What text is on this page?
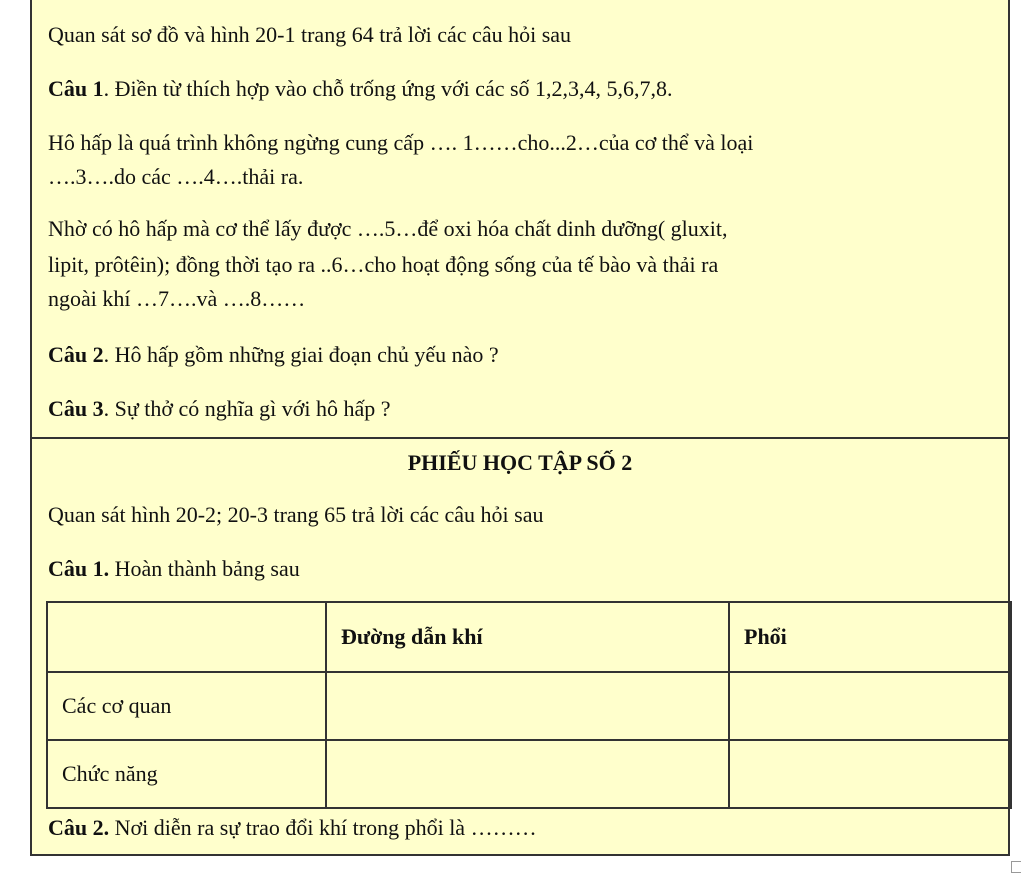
Quan sát sơ đồ và hình 20-1 trang 64 trả lời các câu hỏi sau
Câu 1. Điền từ thích hợp vào chỗ trống ứng với các số 1,2,3,4, 5,6,7,8.
Hô hấp là quá trình không ngừng cung cấp …. 1……cho...2…của cơ thể và loại
….3….do các ….4….thải ra.
Nhờ có hô hấp mà cơ thể lấy được ….5…để oxi hóa chất dinh dưỡng( gluxit,
lipit, prôtêin); đồng thời tạo ra ..6…cho hoạt động sống của tế bào và thải ra
ngoài khí …7….và ….8……
Câu 2. Hô hấp gồm những giai đoạn chủ yếu nào ?
Câu 3. Sự thở có nghĩa gì với hô hấp ?
PHIẾU HỌC TẬP SỐ 2
Quan sát hình 20-2; 20-3 trang 65 trả lời các câu hỏi sau
Câu 1. Hoàn thành bảng sau
	Đường dẫn khí	Phổi
Các cơ quan		
Chức năng		
Câu 2. Nơi diễn ra sự trao đổi khí trong phổi là ………
